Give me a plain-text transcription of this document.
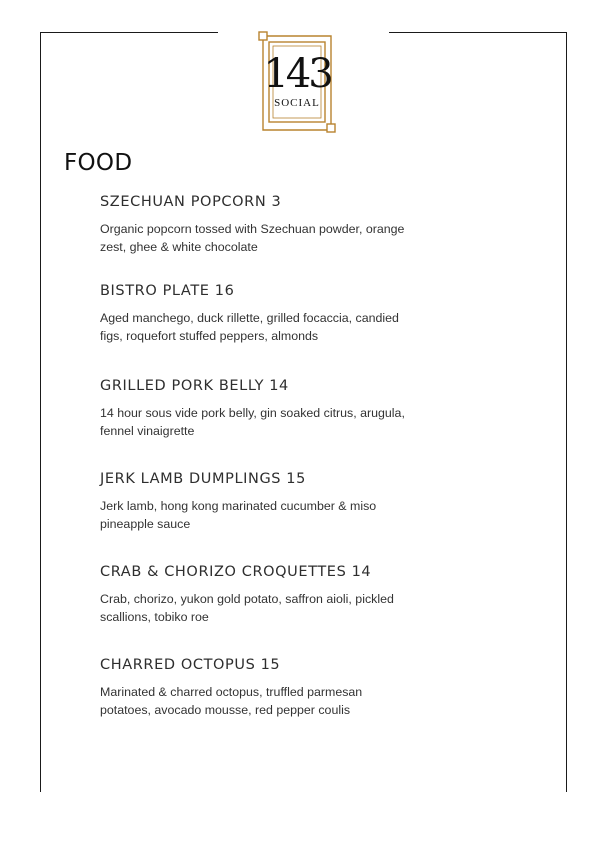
143
SOCIAL
FOOD
SZECHUAN POPCORN 3
Organic popcorn tossed with Szechuan powder, orange zest, ghee & white chocolate
BISTRO PLATE 16
Aged manchego, duck rillette, grilled focaccia, candied figs, roquefort stuffed peppers, almonds
GRILLED PORK BELLY 14
14 hour sous vide pork belly, gin soaked citrus, arugula, fennel vinaigrette
JERK LAMB DUMPLINGS 15
Jerk lamb, hong kong marinated cucumber & miso pineapple sauce
CRAB & CHORIZO CROQUETTES 14
Crab, chorizo, yukon gold potato, saffron aioli, pickled scallions, tobiko roe
CHARRED OCTOPUS 15
Marinated & charred octopus, truffled parmesan potatoes, avocado mousse, red pepper coulis
